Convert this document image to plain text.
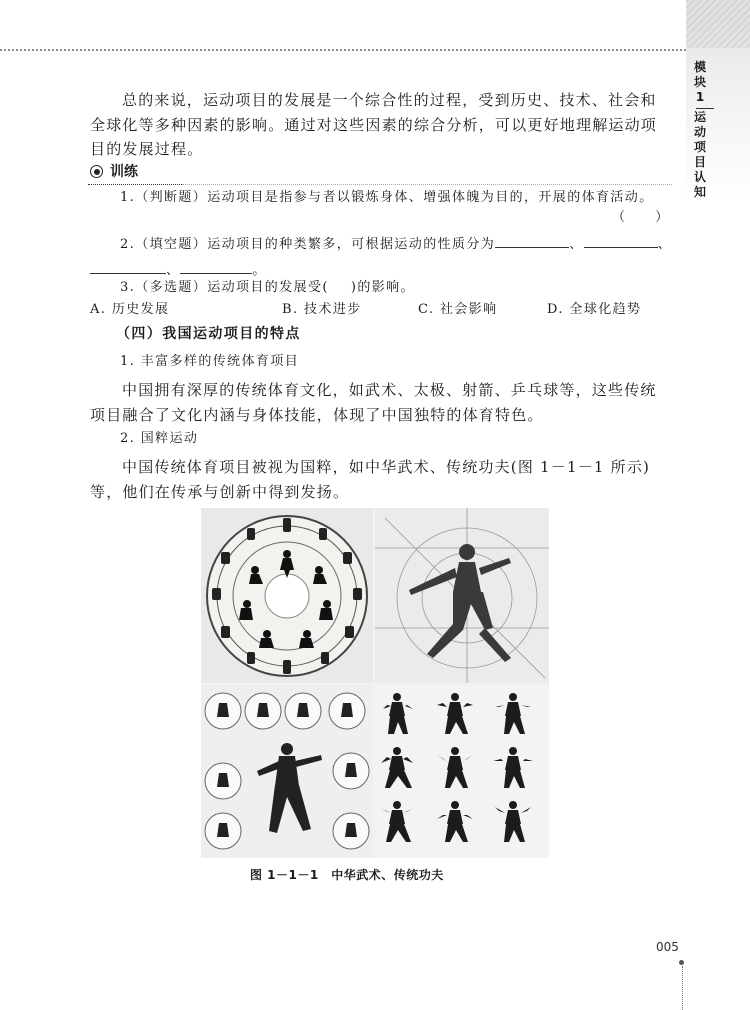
模
块
1
运
动
项
目
认
知
总的来说，运动项目的发展是一个综合性的过程，受到历史、技术、社会和全球化等多种因素的影响。通过对这些因素的综合分析，可以更好地理解运动项目的发展过程。
训练
1.（判断题）运动项目是指参与者以锻炼身体、增强体魄为目的，开展的体育活动。
（　　）
2.（填空题）运动项目的种类繁多，可根据运动的性质分为	、	、
、	。
3.（多选题）运动项目的发展受( )的影响。
A. 历史发展	B. 技术进步	C. 社会影响	D. 全球化趋势
（四）我国运动项目的特点
1. 丰富多样的传统体育项目
中国拥有深厚的传统体育文化，如武术、太极、射箭、乒乓球等，这些传统项目融合了文化内涵与身体技能，体现了中国独特的体育特色。
2. 国粹运动
中国传统体育项目被视为国粹，如中华武术、传统功夫(图 1－1－1 所示)等，他们在传承与创新中得到发扬。
图 1－1－1　中华武术、传统功夫
005
